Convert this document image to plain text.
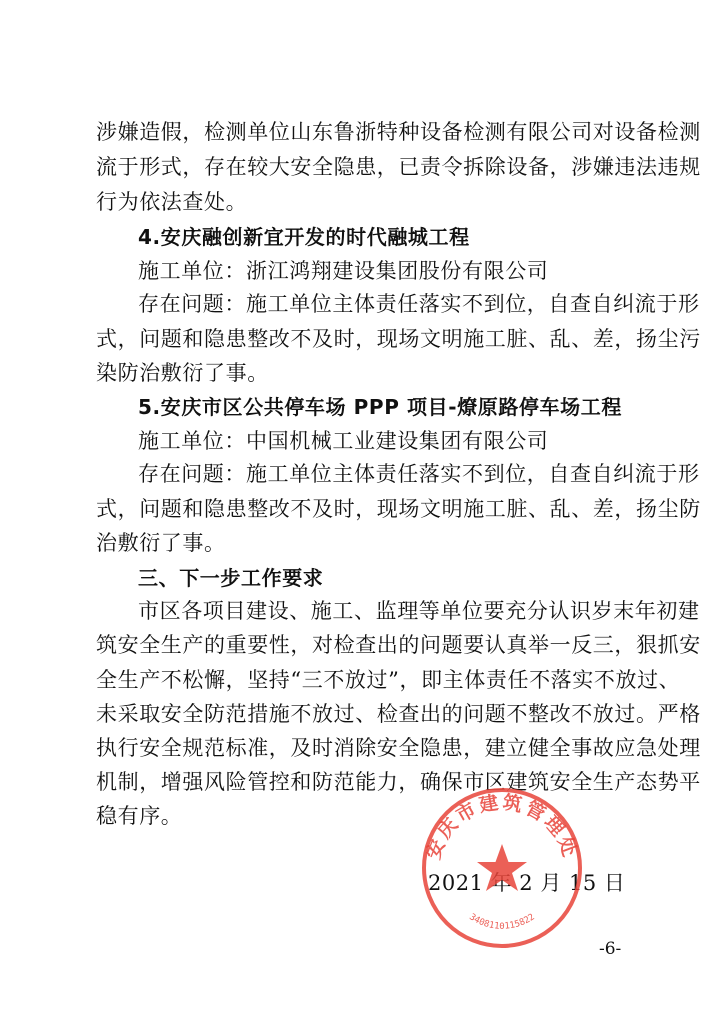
涉嫌造假，检测单位山东鲁浙特种设备检测有限公司对设备检测
流于形式，存在较大安全隐患，已责令拆除设备，涉嫌违法违规
行为依法查处。
4.安庆融创新宜开发的时代融城工程
施工单位：浙江鸿翔建设集团股份有限公司
存在问题：施工单位主体责任落实不到位，自查自纠流于形
式，问题和隐患整改不及时，现场文明施工脏、乱、差，扬尘污
染防治敷衍了事。
5.安庆市区公共停车场 PPP 项目-燎原路停车场工程
施工单位：中国机械工业建设集团有限公司
存在问题：施工单位主体责任落实不到位，自查自纠流于形
式，问题和隐患整改不及时，现场文明施工脏、乱、差，扬尘防
治敷衍了事。
三、下一步工作要求
市区各项目建设、施工、监理等单位要充分认识岁末年初建
筑安全生产的重要性，对检查出的问题要认真举一反三，狠抓安
全生产不松懈，坚持“三不放过”，即主体责任不落实不放过、
未采取安全防范措施不放过、检查出的问题不整改不放过。严格
执行安全规范标准，及时消除安全隐患，建立健全事故应急处理
机制，增强风险管控和防范能力，确保市区建筑安全生产态势平
稳有序。
2021 年 2 月 15 日
安庆市建筑管理处
3408110115822
-6-
